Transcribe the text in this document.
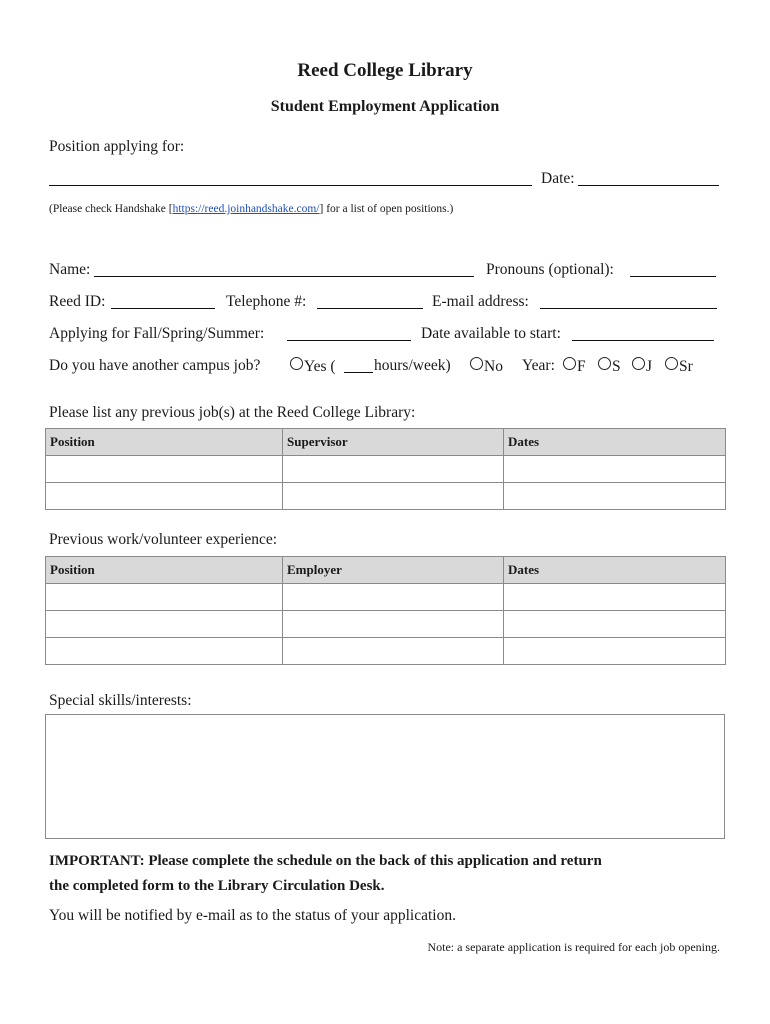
Reed College Library
Student Employment Application
Position applying for:
Date:
(Please check Handshake [https://reed.joinhandshake.com/] for a list of open positions.)
Name:	Pronouns (optional):
Reed ID:	Telephone #:	E-mail address:
Applying for Fall/Spring/Summer:	Date available to start:
Do you have another campus job?	Yes ( hours/week)	No Year:	F	S	J	Sr
Please list any previous job(s) at the Reed College Library:
Position	Supervisor	Dates

Previous work/volunteer experience:
Position	Employer	Dates

Special skills/interests:
IMPORTANT: Please complete the schedule on the back of this application and return
the completed form to the Library Circulation Desk.
You will be notified by e-mail as to the status of your application.
Note: a separate application is required for each job opening.
